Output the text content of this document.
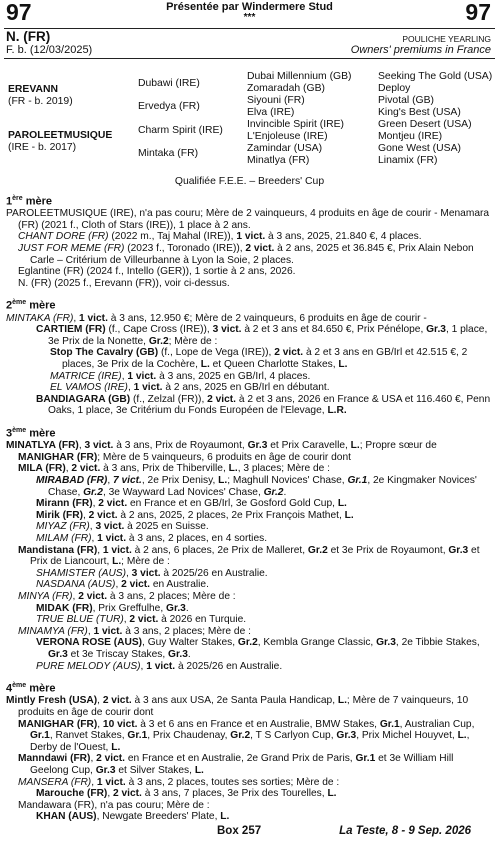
97	97
Présentée par Windermere Stud
***
N. (FR)
F. b. (12/03/2025)
POULICHE YEARLING
Owners' premiums in France
EREVANN
(FR - b. 2019)
PAROLEETMUSIQUE
(IRE - b. 2017)
Dubawi (IRE)
Ervedya (FR)
Charm Spirit (IRE)
Mintaka (FR)
Dubai Millennium (GB)
Zomaradah (GB)
Siyouni (FR)
Elva (IRE)
Invincible Spirit (IRE)
L'Enjoleuse (IRE)
Zamindar (USA)
Minatlya (FR)
Seeking The Gold (USA)
Deploy
Pivotal (GB)
King's Best (USA)
Green Desert (USA)
Montjeu (IRE)
Gone West (USA)
Linamix (FR)
Qualifiée F.E.E. – Breeders' Cup
1ère mère

PAROLEETMUSIQUE (IRE), n'a pas couru; Mère de 2 vainqueurs, 4 produits en âge de courir - Menamara (FR) (2021 f., Cloth of Stars (IRE)), 1 place à 2 ans.

CHANT DORE (FR) (2022 m., Taj Mahal (IRE)), 1 vict. à 3 ans, 2025, 21.840 €, 4 places.

JUST FOR MEME (FR) (2023 f., Toronado (IRE)), 2 vict. à 2 ans, 2025 et 36.845 €, Prix Alain Nebon Carle – Critérium de Villeurbanne à Lyon la Soie, 2 places.

Eglantine (FR) (2024 f., Intello (GER)), 1 sortie à 2 ans, 2026.

N. (FR) (2025 f., Erevann (FR)), voir ci-dessus.

2ème mère

MINTAKA (FR), 1 vict. à 3 ans, 12.950 €; Mère de 2 vainqueurs, 6 produits en âge de courir -

CARTIEM (FR) (f., Cape Cross (IRE)), 3 vict. à 2 et 3 ans et 84.650 €, Prix Pénélope, Gr.3, 1 place, 3e Prix de la Nonette, Gr.2; Mère de :

Stop The Cavalry (GB) (f., Lope de Vega (IRE)), 2 vict. à 2 et 3 ans en GB/Irl et 42.515 €, 2 places, 3e Prix de la Cochère, L. et Queen Charlotte Stakes, L.

MATRICE (IRE), 1 vict. à 3 ans, 2025 en GB/Irl, 4 places.

EL VAMOS (IRE), 1 vict. à 2 ans, 2025 en GB/Irl en débutant.

BANDIAGARA (GB) (f., Zelzal (FR)), 2 vict. à 2 et 3 ans, 2026 en France & USA et 116.460 €, Penn Oaks, 1 place, 3e Critérium du Fonds Européen de l'Elevage, L.R.

3ème mère

MINATLYA (FR), 3 vict. à 3 ans, Prix de Royaumont, Gr.3 et Prix Caravelle, L.; Propre sœur de MANIGHAR (FR); Mère de 5 vainqueurs, 6 produits en âge de courir dont

MILA (FR), 2 vict. à 3 ans, Prix de Thiberville, L., 3 places; Mère de :

MIRABAD (FR), 7 vict., 2e Prix Denisy, L.; Maghull Novices' Chase, Gr.1, 2e Kingmaker Novices' Chase, Gr.2, 3e Wayward Lad Novices' Chase, Gr.2.

Mirann (FR), 2 vict. en France et en GB/Irl, 3e Gosford Gold Cup, L.

Mirik (FR), 2 vict. à 2 ans, 2025, 2 places, 2e Prix François Mathet, L.

MIYAZ (FR), 3 vict. à 2025 en Suisse.

MILAM (FR), 1 vict. à 3 ans, 2 places, en 4 sorties.

Mandistana (FR), 1 vict. à 2 ans, 6 places, 2e Prix de Malleret, Gr.2 et 3e Prix de Royaumont, Gr.3 et Prix de Liancourt, L.; Mère de :

SHAMISTER (AUS), 3 vict. à 2025/26 en Australie.

NASDANA (AUS), 2 vict. en Australie.

MINYA (FR), 2 vict. à 3 ans, 2 places; Mère de :

MIDAK (FR), Prix Greffulhe, Gr.3.

TRUE BLUE (TUR), 2 vict. à 2026 en Turquie.

MINAMYA (FR), 1 vict. à 3 ans, 2 places; Mère de :

VERONA ROSE (AUS), Guy Walter Stakes, Gr.2, Kembla Grange Classic, Gr.3, 2e Tibbie Stakes, Gr.3 et 3e Triscay Stakes, Gr.3.

PURE MELODY (AUS), 1 vict. à 2025/26 en Australie.

4ème mère

Mintly Fresh (USA), 2 vict. à 3 ans aux USA, 2e Santa Paula Handicap, L.; Mère de 7 vainqueurs, 10 produits en âge de courir dont

MANIGHAR (FR), 10 vict. à 3 et 6 ans en France et en Australie, BMW Stakes, Gr.1, Australian Cup, Gr.1, Ranvet Stakes, Gr.1, Prix Chaudenay, Gr.2, T S Carlyon Cup, Gr.3, Prix Michel Houyvet, L., Derby de l'Ouest, L.

Manndawi (FR), 2 vict. en France et en Australie, 2e Grand Prix de Paris, Gr.1 et 3e William Hill Geelong Cup, Gr.3 et Silver Stakes, L.

MANSERA (FR), 1 vict. à 3 ans, 2 places, toutes ses sorties; Mère de :

Marouche (FR), 2 vict. à 3 ans, 7 places, 3e Prix des Tourelles, L.

Mandawara (FR), n'a pas couru; Mère de :

KHAN (AUS), Newgate Breeders' Plate, L.

Box 257	La Teste, 8 - 9 Sep. 2026
